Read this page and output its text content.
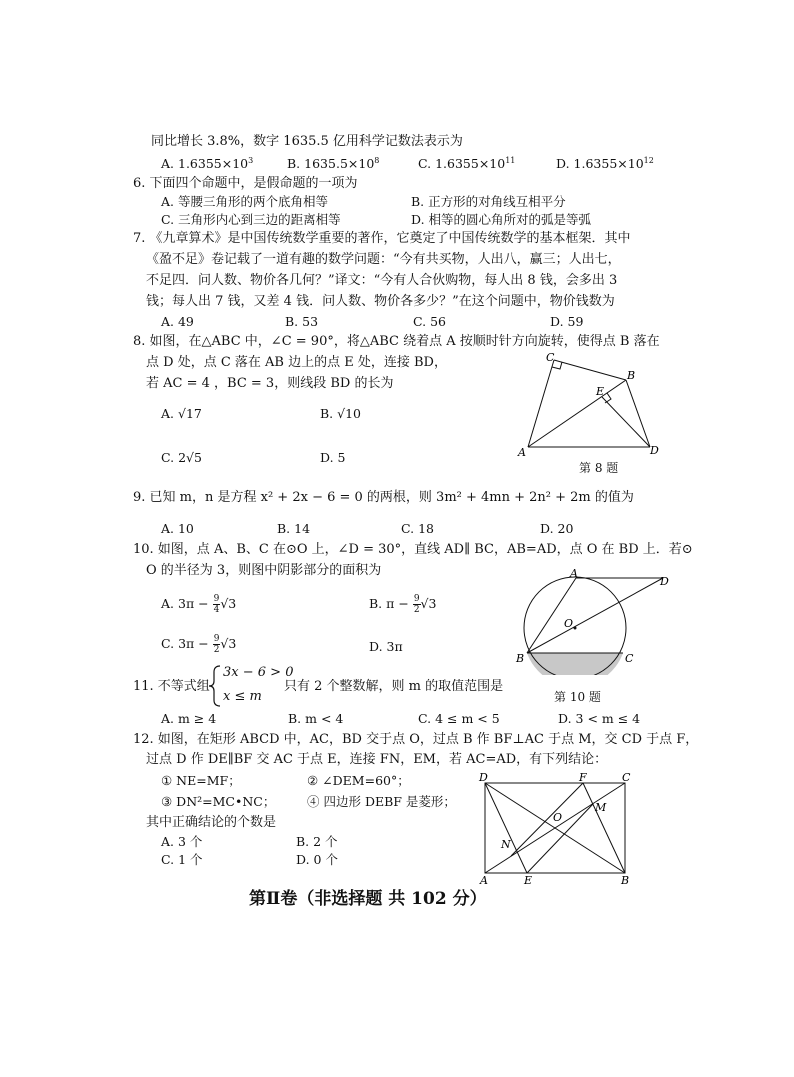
同比增长 3.8%，数字 1635.5 亿用科学记数法表示为
A. $1.6355\times 10^3$	B. $1635.5\times 10^8$	C. $1.6355\times 10^{11}$	D. $1.6355\times 10^{12}$
6. 下面四个命题中，是假命题的一项为
A. 等腰三角形的两个底角相等	B. 正方形的对角线互相平分
C. 三角形内心到三边的距离相等	D. 相等的圆心角所对的弧是等弧
7. 《九章算术》是中国传统数学重要的著作，它奠定了中国传统数学的基本框架．其中
《盈不足》卷记载了一道有趣的数学问题：“今有共买物，人出八，赢三；人出七，
不足四．问人数、物价各几何？”译文：“今有人合伙购物，每人出 8 钱，会多出 3
钱；每人出 7 钱，又差 4 钱．问人数、物价各多少？”在这个问题中，物价钱数为
A. 49	B. 53	C. 56	D. 59
8. 如图，在△ABC 中，∠C = 90°，将△ABC 绕着点 A 按顺时针方向旋转，使得点 B 落在
点 D 处，点 C 落在 AB 边上的点 E 处，连接 BD，
若 AC = 4 ，BC = 3，则线段 BD 的长为
A. √17	B. √10
C. 2√5	D. 5
C
B
E
A	D
第 8 题
9. 已知 m，n 是方程 x² + 2x − 6 = 0 的两根，则 3m² + 4mn + 2n² + 2m 的值为
A. 10	B. 14	C. 18	D. 20
10. 如图，点 A、B、C 在⊙O 上，∠D = 30°，直线 AD∥ BC，AB=AD，点 O 在 BD 上．若⊙
O 的半径为 3，则图中阴影部分的面积为
A. $3\pi - \frac{9}{4} √3$	B. $\pi - \frac{9}{2} √3$
C. $3\pi - \frac{9}{2} √3$	D. 3π
A
D
O
B	C
第 10 题
11. 不等式组
3x − 6 > 0
x ≤ m
只有 2 个整数解，则 m 的取值范围是
A. m ≥ 4	B. m < 4	C. 4 ≤ m < 5	D. 3 < m ≤ 4
12. 如图，在矩形 ABCD 中，AC，BD 交于点 O，过点 B 作 BF⊥AC 于点 M，交 CD 于点 F，
过点 D 作 DE∥BF 交 AC 于点 E，连接 FN，EM，若 AC=AD，有下列结论：
① NE=MF；	② ∠DEM=60°；
③ DN²=MC•NC；	④ 四边形 DEBF 是菱形；
其中正确结论的个数是
A. 3 个	B. 2 个
C. 1 个	D. 0 个
D	F	C
M
O
N
A	E	B
第Ⅱ卷（非选择题 共 102 分）
